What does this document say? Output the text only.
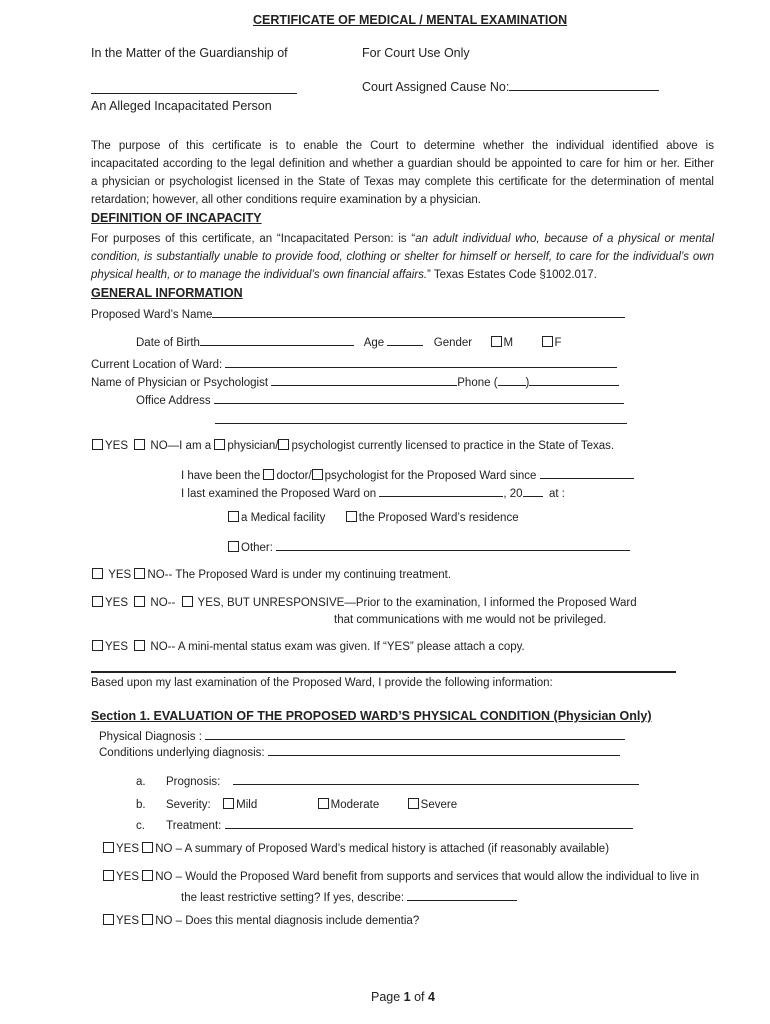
CERTIFICATE OF MEDICAL / MENTAL EXAMINATION
In the Matter of the Guardianship of	For Court Use Only
Court Assigned Cause No:
An Alleged Incapacitated Person
The purpose of this certificate is to enable the Court to determine whether the individual identified above is
incapacitated according to the legal definition and whether a guardian should be appointed to care for him or her. Either
a physician or psychologist licensed in the State of Texas may complete this certificate for the determination of mental
retardation; however, all other conditions require examination by a physician.
DEFINITION OF INCAPACITY
For purposes of this certificate, an “Incapacitated Person: is “an adult individual who, because of a physical or mental
condition, is substantially unable to provide food, clothing or shelter for himself or herself, to care for the individual’s own
physical health, or to manage the individual’s own financial affairs.” Texas Estates Code §1002.017.
GENERAL INFORMATION
Proposed Ward’s Name
Date of Birth	Age	Gender	M	F
Current Location of Ward:
Name of Physician or Psychologist	Phone ( )
Office Address
YES NO—I am a physician/ psychologist currently licensed to practice in the State of Texas.
I have been the doctor/ psychologist for the Proposed Ward since
I last examined the Proposed Ward on	, 20 at :
a Medical facility	the Proposed Ward’s residence
Other:
YES NO-- The Proposed Ward is under my continuing treatment.
YES NO-- YES, BUT UNRESPONSIVE—Prior to the examination, I informed the Proposed Ward
that communications with me would not be privileged.
YES NO-- A mini-mental status exam was given. If “YES” please attach a copy.
Based upon my last examination of the Proposed Ward, I provide the following information:
Section 1. EVALUATION OF THE PROPOSED WARD’S PHYSICAL CONDITION (Physician Only)
Physical Diagnosis :
Conditions underlying diagnosis:
a. Prognosis:
b. Severity: Mild	Moderate	Severe
c. Treatment:
YES NO – A summary of Proposed Ward’s medical history is attached (if reasonably available)
YES NO – Would the Proposed Ward benefit from supports and services that would allow the individual to live in
the least restrictive setting? If yes, describe:
YES NO – Does this mental diagnosis include dementia?
Page 1 of 4
